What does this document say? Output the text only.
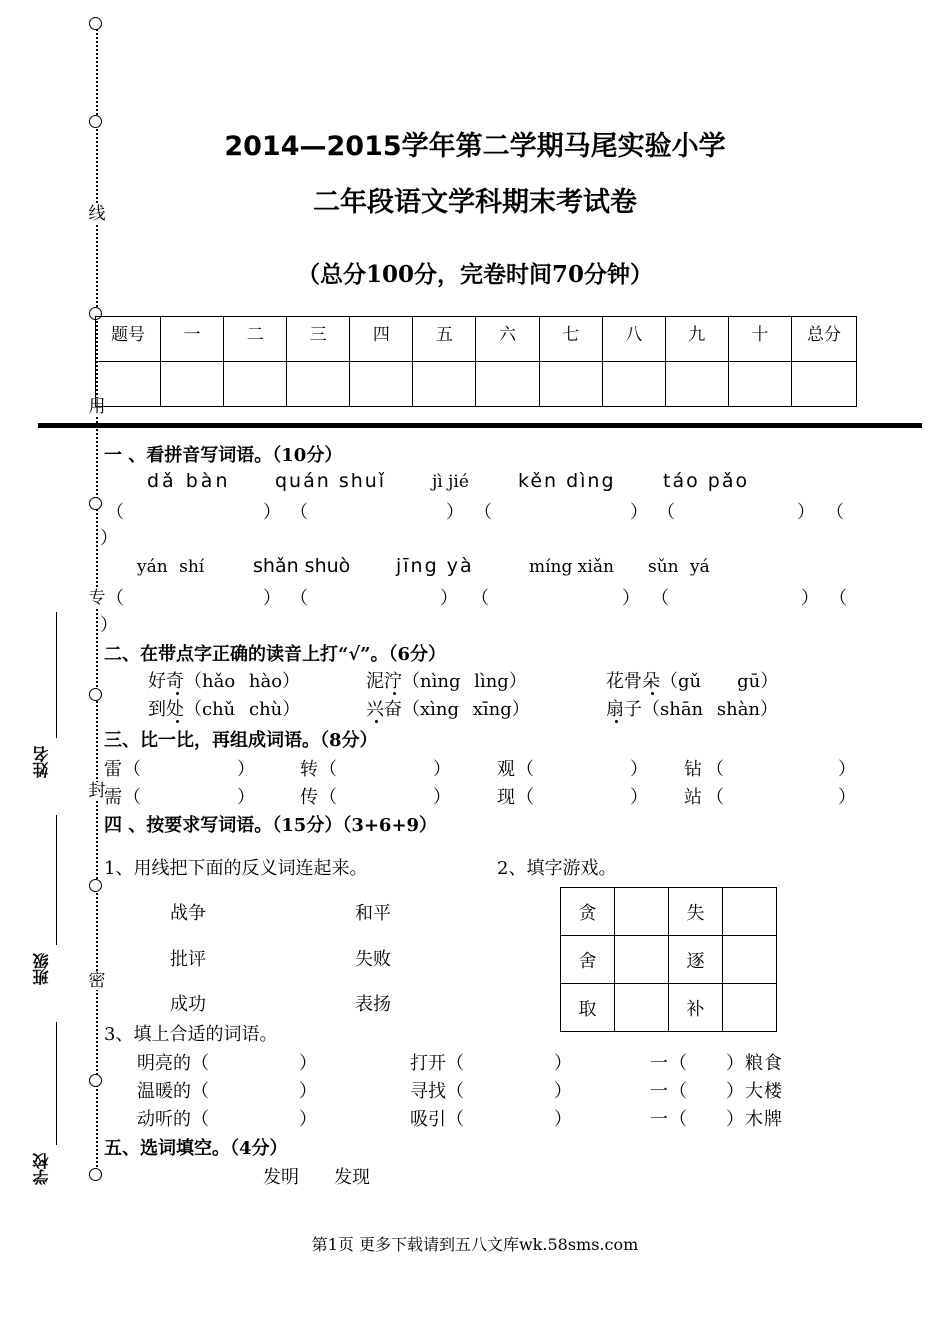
线
用
专
封
密
姓名
班级
学校
2014—2015学年第二学期马尾实验小学
二年段语文学科期末考试卷
（总分100分，完卷时间70分钟）
题号	一	二	三	四	五	六	七	八	九	十	总分

一 、看拼音写词语。（10分）
dǎ bàn quán shuǐ	jì jié	kěn dìng táo pǎo
（	） （	） （	） （	） （
）
yán shí	shǎn shuò jīng yà	míng xiǎn sǔn yá
（	） （	） （	） （	） （
）
二、在带点字正确的读音上打“√”。（6分）
好奇（hǎo hào）	泥泞（nìng lìng）	花骨朵（gǔ　　gū）
到处（chǔ chù）	兴奋（xìng xīng）	扇子（shān shàn）
三、比一比，再组成词语。（8分）
雷（　　　　　） 转（　　　　　）	观（　　　　　） 钻（　　　　　）
需（　　　　　） 传（　　　　　）	现（　　　　　） 站（　　　　　）
四 、按要求写词语。（15分）（3+6+9）
1、用线把下面的反义词连起来。	2、填字游戏。
战争
批评
成功
和平
失败
表扬
贪		失	
舍		逐	
取		补	
3、填上合适的词语。
明亮的（　　　　　）	打开（　　　　　）	一（　　）粮食
温暖的（　　　　　）	寻找（　　　　　）	一（　　）大楼
动听的（　　　　　）	吸引（　　　　　）	一（　　）木牌
五、选词填空。（4分）
发明 发现
第1页 更多下载请到五八文库wk.58sms.com
